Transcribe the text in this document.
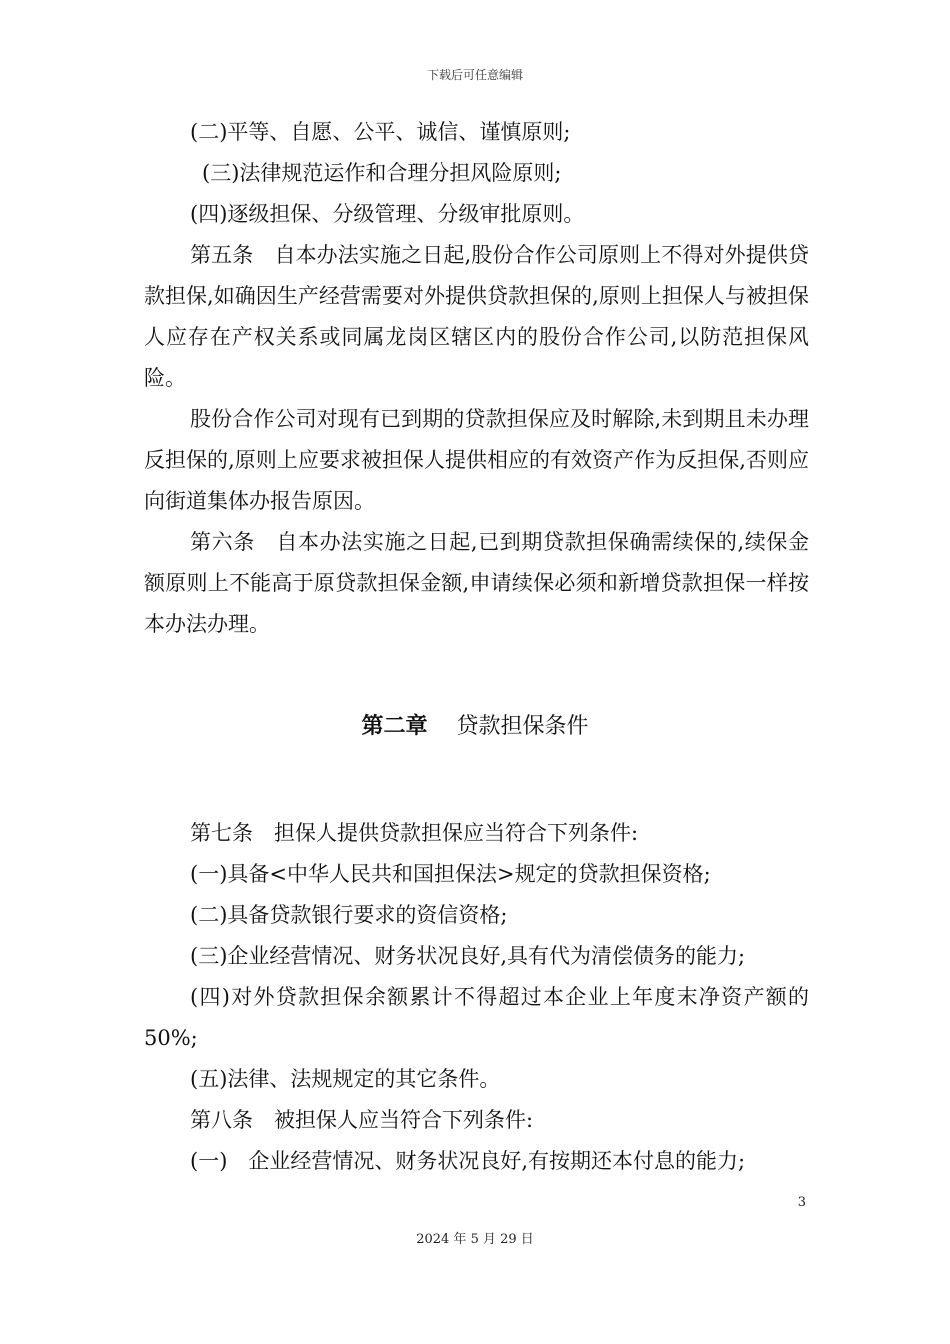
下载后可任意编辑

(二)平等、自愿、公平、诚信、谨慎原则;

(三)法律规范运作和合理分担风险原则;

(四)逐级担保、分级管理、分级审批原则。

第五条　自本办法实施之日起,股份合作公司原则上不得对外提供贷款担保,如确因生产经营需要对外提供贷款担保的,原则上担保人与被担保人应存在产权关系或同属龙岗区辖区内的股份合作公司,以防范担保风险。

股份合作公司对现有已到期的贷款担保应及时解除,未到期且未办理反担保的,原则上应要求被担保人提供相应的有效资产作为反担保,否则应向街道集体办报告原因。

第六条　自本办法实施之日起,已到期贷款担保确需续保的,续保金额原则上不能高于原贷款担保金额,申请续保必须和新增贷款担保一样按本办法办理。

第二章　 贷款担保条件

第七条　担保人提供贷款担保应当符合下列条件:

(一)具备<中华人民共和国担保法>规定的贷款担保资格;

(二)具备贷款银行要求的资信资格;

(三)企业经营情况、财务状况良好,具有代为清偿债务的能力;

(四)对外贷款担保余额累计不得超过本企业上年度末净资产额的 50%;

(五)法律、法规规定的其它条件。

第八条　被担保人应当符合下列条件:

(一)　企业经营情况、财务状况良好,有按期还本付息的能力;

3
2024 年 5 月 29 日
